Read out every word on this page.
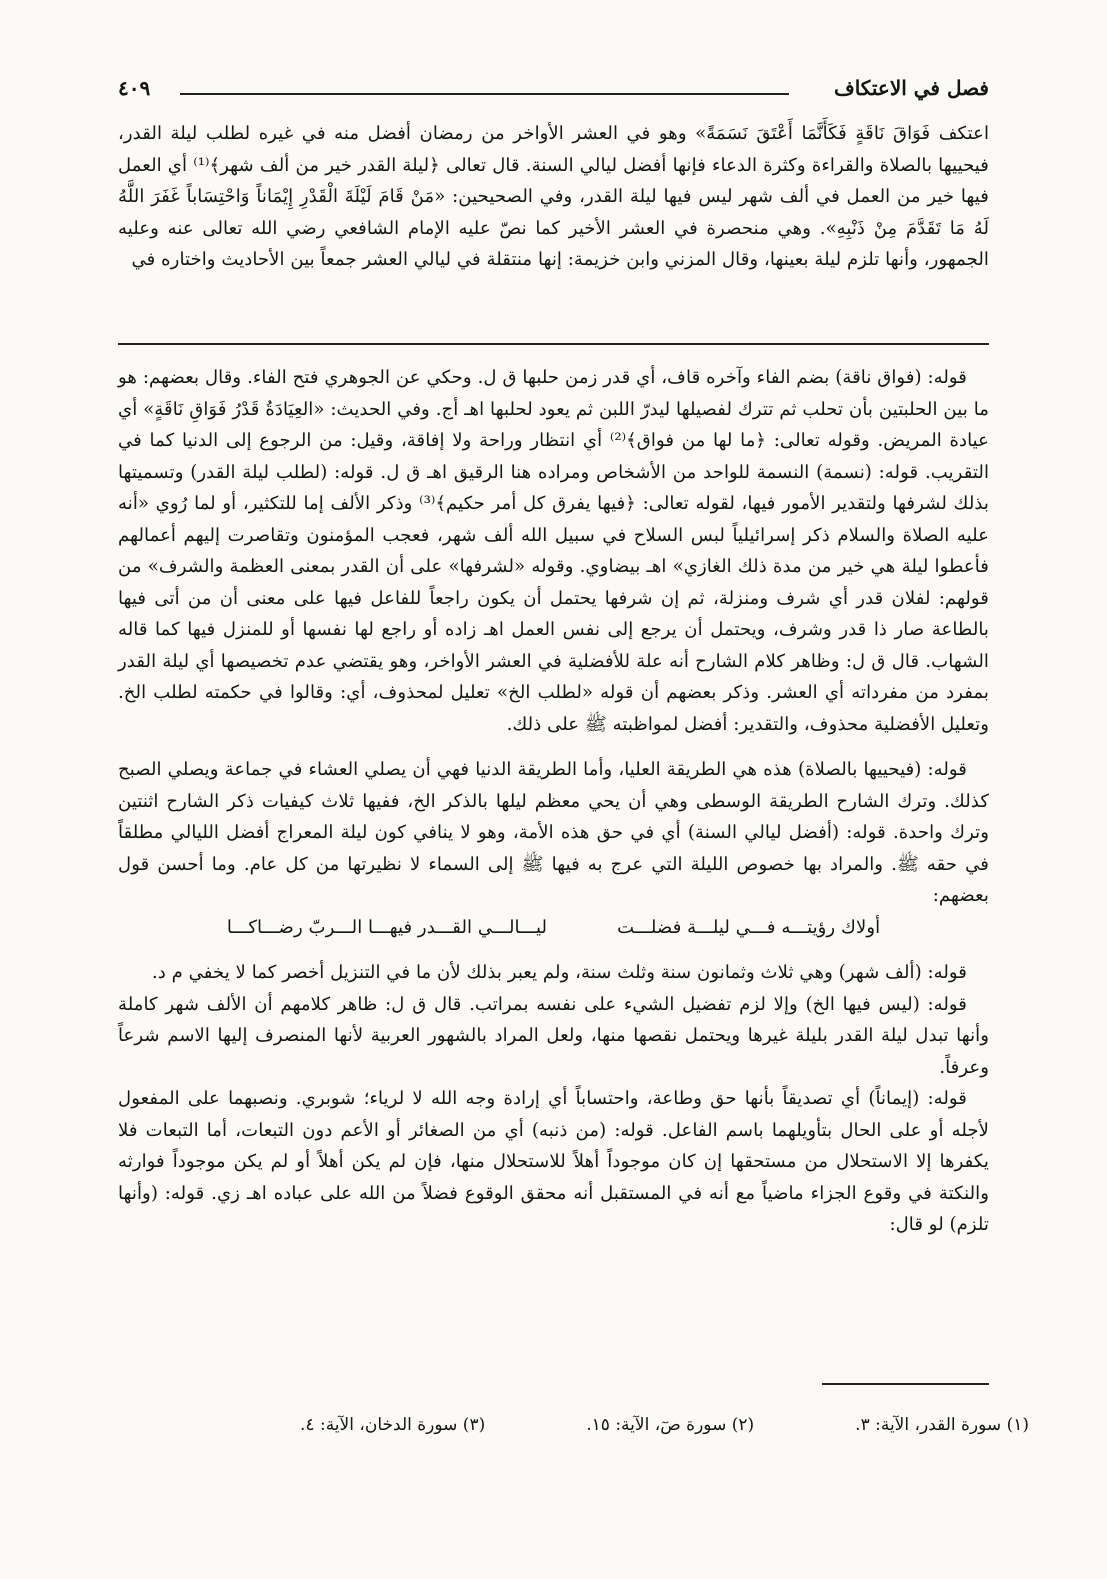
فصل في الاعتكاف
٤٠٩

اعتكف فَوَاقَ نَاقَةٍ فَكَأَنَّمَا أَعْتَقَ نَسَمَةً» وهو في العشر الأواخر من رمضان أفضل منه في غيره لطلب ليلة القدر، فيحييها بالصلاة والقراءة وكثرة الدعاء فإنها أفضل ليالي السنة. قال تعالى ﴿ليلة القدر خير من ألف شهر﴾⁽¹⁾ أي العمل فيها خير من العمل في ألف شهر ليس فيها ليلة القدر، وفي الصحيحين: «مَنْ قَامَ لَيْلَةَ الْقَدْرِ إِيْمَاناً وَاحْتِسَاباً غَفَرَ اللَّهُ لَهُ مَا تَقَدَّمَ مِنْ ذَنْبِهِ». وهي منحصرة في العشر الأخير كما نصّ عليه الإمام الشافعي رضي الله تعالى عنه وعليه الجمهور، وأنها تلزم ليلة بعينها، وقال المزني وابن خزيمة: إنها منتقلة في ليالي العشر جمعاً بين الأحاديث واختاره في

قوله: (فواق ناقة) بضم الفاء وآخره قاف، أي قدر زمن حلبها ق ل. وحكي عن الجوهري فتح الفاء. وقال بعضهم: هو ما بين الحلبتين بأن تحلب ثم تترك لفصيلها ليدرّ اللبن ثم يعود لحلبها اهـ أج. وفي الحديث: «العِيَادَةُ قَدْرُ فَوَاقِ نَاقَةٍ» أي عيادة المريض. وقوله تعالى: ﴿ما لها من فواق﴾⁽²⁾ أي انتظار وراحة ولا إفاقة، وقيل: من الرجوع إلى الدنيا كما في التقريب. قوله: (نسمة) النسمة للواحد من الأشخاص ومراده هنا الرقيق اهـ ق ل. قوله: (لطلب ليلة القدر) وتسميتها بذلك لشرفها ولتقدير الأمور فيها، لقوله تعالى: ﴿فيها يفرق كل أمر حكيم﴾⁽³⁾ وذكر الألف إما للتكثير، أو لما رُوي «أنه عليه الصلاة والسلام ذكر إسرائيلياً لبس السلاح في سبيل الله ألف شهر، فعجب المؤمنون وتقاصرت إليهم أعمالهم فأعطوا ليلة هي خير من مدة ذلك الغازي» اهـ بيضاوي. وقوله «لشرفها» على أن القدر بمعنى العظمة والشرف» من قولهم: لفلان قدر أي شرف ومنزلة، ثم إن شرفها يحتمل أن يكون راجعاً للفاعل فيها على معنى أن من أتى فيها بالطاعة صار ذا قدر وشرف، ويحتمل أن يرجع إلى نفس العمل اهـ زاده أو راجع لها نفسها أو للمنزل فيها كما قاله الشهاب. قال ق ل: وظاهر كلام الشارح أنه علة للأفضلية في العشر الأواخر، وهو يقتضي عدم تخصيصها أي ليلة القدر بمفرد من مفرداته أي العشر. وذكر بعضهم أن قوله «لطلب الخ» تعليل لمحذوف، أي: وقالوا في حكمته لطلب الخ. وتعليل الأفضلية محذوف، والتقدير: أفضل لمواظبته ﷺ على ذلك.

قوله: (فيحييها بالصلاة) هذه هي الطريقة العليا، وأما الطريقة الدنيا فهي أن يصلي العشاء في جماعة ويصلي الصبح كذلك. وترك الشارح الطريقة الوسطى وهي أن يحي معظم ليلها بالذكر الخ، ففيها ثلاث كيفيات ذكر الشارح اثنتين وترك واحدة. قوله: (أفضل ليالي السنة) أي في حق هذه الأمة، وهو لا ينافي كون ليلة المعراج أفضل الليالي مطلقاً في حقه ﷺ. والمراد بها خصوص الليلة التي عرج به فيها ﷺ إلى السماء لا نظيرتها من كل عام. وما أحسن قول بعضهم:

أولاك رؤيتـــه فـــي ليلـــة فضلـــت
ليـــالـــي القـــدر فيهـــا الـــربّ رضـــاكـــا

قوله: (ألف شهر) وهي ثلاث وثمانون سنة وثلث سنة، ولم يعبر بذلك لأن ما في التنزيل أخصر كما لا يخفي م د.

قوله: (ليس فيها الخ) وإلا لزم تفضيل الشيء على نفسه بمراتب. قال ق ل: ظاهر كلامهم أن الألف شهر كاملة وأنها تبدل ليلة القدر بليلة غيرها ويحتمل نقصها منها، ولعل المراد بالشهور العربية لأنها المنصرف إليها الاسم شرعاً وعرفاً.

قوله: (إيماناً) أي تصديقاً بأنها حق وطاعة، واحتساباً أي إرادة وجه الله لا لرياء؛ شوبري. ونصبهما على المفعول لأجله أو على الحال بتأويلهما باسم الفاعل. قوله: (من ذنبه) أي من الصغائر أو الأعم دون التبعات، أما التبعات فلا يكفرها إلا الاستحلال من مستحقها إن كان موجوداً أهلاً للاستحلال منها، فإن لم يكن أهلاً أو لم يكن موجوداً فوارثه والنكتة في وقوع الجزاء ماضياً مع أنه في المستقبل أنه محقق الوقوع فضلاً من الله على عباده اهـ زي. قوله: (وأنها تلزم) لو قال:

(١) سورة القدر، الآية: ٣.
(٢) سورة صٓ، الآية: ١٥.
(٣) سورة الدخان، الآية: ٤.
